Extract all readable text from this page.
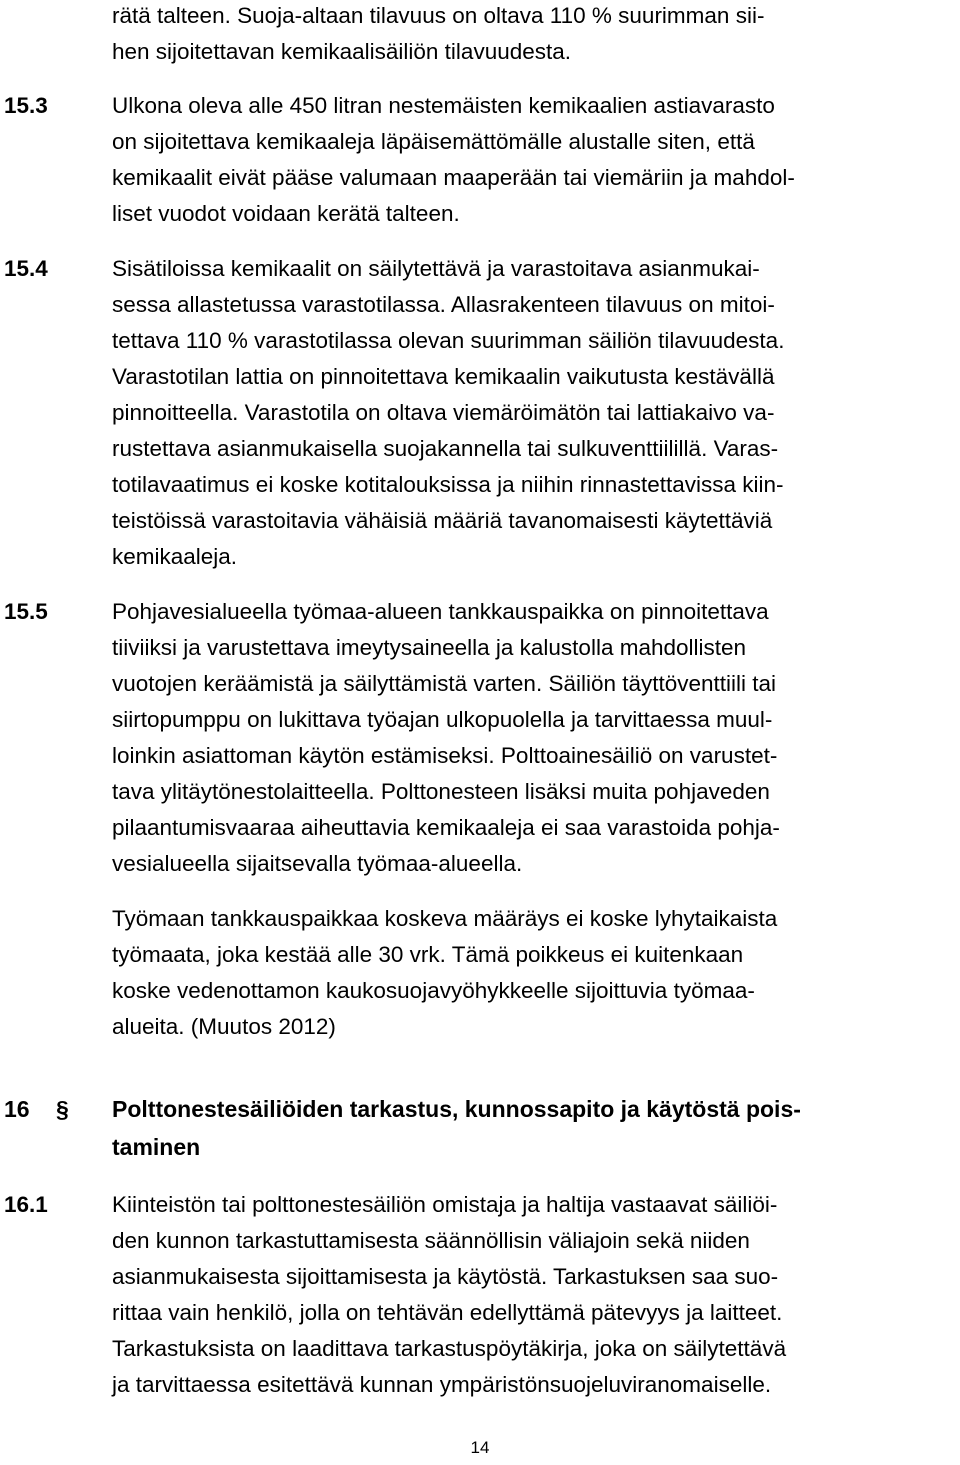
rätä talteen. Suoja-altaan tilavuus on oltava 110 % suurimman sii-
hen sijoitettavan kemikaalisäiliön tilavuudesta.
15.3	Ulkona oleva alle 450 litran nestemäisten kemikaalien astiavarasto
on sijoitettava kemikaaleja läpäisemättömälle alustalle siten, että
kemikaalit eivät pääse valumaan maaperään tai viemäriin ja mahdol-
liset vuodot voidaan kerätä talteen.
15.4	Sisätiloissa kemikaalit on säilytettävä ja varastoitava asianmukai-
sessa allastetussa varastotilassa. Allasrakenteen tilavuus on mitoi-
tettava 110 % varastotilassa olevan suurimman säiliön tilavuudesta.
Varastotilan lattia on pinnoitettava kemikaalin vaikutusta kestävällä
pinnoitteella. Varastotila on oltava viemäröimätön tai lattiakaivo va-
rustettava asianmukaisella suojakannella tai sulkuventtiilillä. Varas-
totilavaatimus ei koske kotitalouksissa ja niihin rinnastettavissa kiin-
teistöissä varastoitavia vähäisiä määriä tavanomaisesti käytettäviä
kemikaaleja.
15.5	Pohjavesialueella työmaa-alueen tankkauspaikka on pinnoitettava
tiiviiksi ja varustettava imeytysaineella ja kalustolla mahdollisten
vuotojen keräämistä ja säilyttämistä varten. Säiliön täyttöventtiili tai
siirtopumppu on lukittava työajan ulkopuolella ja tarvittaessa muul-
loinkin asiattoman käytön estämiseksi. Polttoainesäiliö on varustet-
tava ylitäytönestolaitteella. Polttonesteen lisäksi muita pohjaveden
pilaantumisvaaraa aiheuttavia kemikaaleja ei saa varastoida pohja-
vesialueella sijaitsevalla työmaa-alueella.
Työmaan tankkauspaikkaa koskeva määräys ei koske lyhytaikaista
työmaata, joka kestää alle 30 vrk. Tämä poikkeus ei kuitenkaan
koske vedenottamon kaukosuojavyöhykkeelle sijoittuvia työmaa-
alueita. (Muutos 2012)
16 § Polttonestesäiliöiden tarkastus, kunnossapito ja käytöstä pois-
taminen
16.1	Kiinteistön tai polttonestesäiliön omistaja ja haltija vastaavat säiliöi-
den kunnon tarkastuttamisesta säännöllisin väliajoin sekä niiden
asianmukaisesta sijoittamisesta ja käytöstä. Tarkastuksen saa suo-
rittaa vain henkilö, jolla on tehtävän edellyttämä pätevyys ja laitteet.
Tarkastuksista on laadittava tarkastuspöytäkirja, joka on säilytettävä
ja tarvittaessa esitettävä kunnan ympäristönsuojeluviranomaiselle.
14
